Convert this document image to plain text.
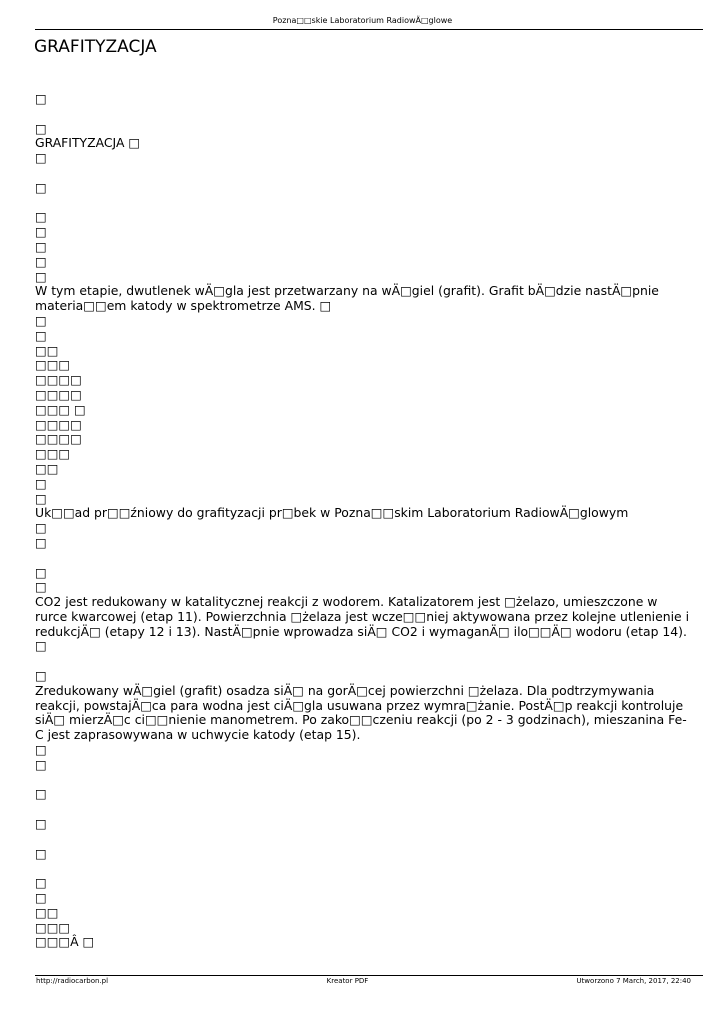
Pozna□□skie Laboratorium RadiowÄ□glowe
GRAFITYZACJA
□
□
GRAFITYZACJA □
□
□
□
□
□
□
□
W tym etapie, dwutlenek wÄ□gla jest przetwarzany na wÄ□giel (grafit). Grafit bÄ□dzie nastÄ□pnie materia□□em katody w spektrometrze AMS. □
□
□
□□
□□□
□□□□
□□□□
□□□ □
□□□□
□□□□
□□□
□□
□
□
Uk□□ad pr□□źniowy do grafityzacji pr□bek w Pozna□□skim Laboratorium RadiowÄ□glowym
□
□
□
□
CO2 jest redukowany w katalitycznej reakcji z wodorem. Katalizatorem jest □żelazo, umieszczone w rurce kwarcowej (etap 11). Powierzchnia □żelaza jest wcze□□niej aktywowana przez kolejne utlenienie i redukcjÄ□ (etapy 12 i 13). NastÄ□pnie wprowadza siÄ□ CO2 i wymaganÄ□ ilo□□Ä□ wodoru (etap 14). □
□
Zredukowany wÄ□giel (grafit) osadza siÄ□ na gorÄ□cej powierzchni □żelaza. Dla podtrzymywania reakcji, powstajÄ□ca para wodna jest ciÄ□gla usuwana przez wymra□żanie. PostÄ□p reakcji kontroluje siÄ□ mierzÄ□c ci□□nienie manometrem. Po zako□□czeniu reakcji (po 2 - 3 godzinach), mieszanina Fe-C jest zaprasowywana w uchwycie katody (etap 15).
□
□
□
□
□
□
□
□□
□□□
□□□Â □
http://radiocarbon.pl	Kreator PDF	Utworzono 7 March, 2017, 22:40
